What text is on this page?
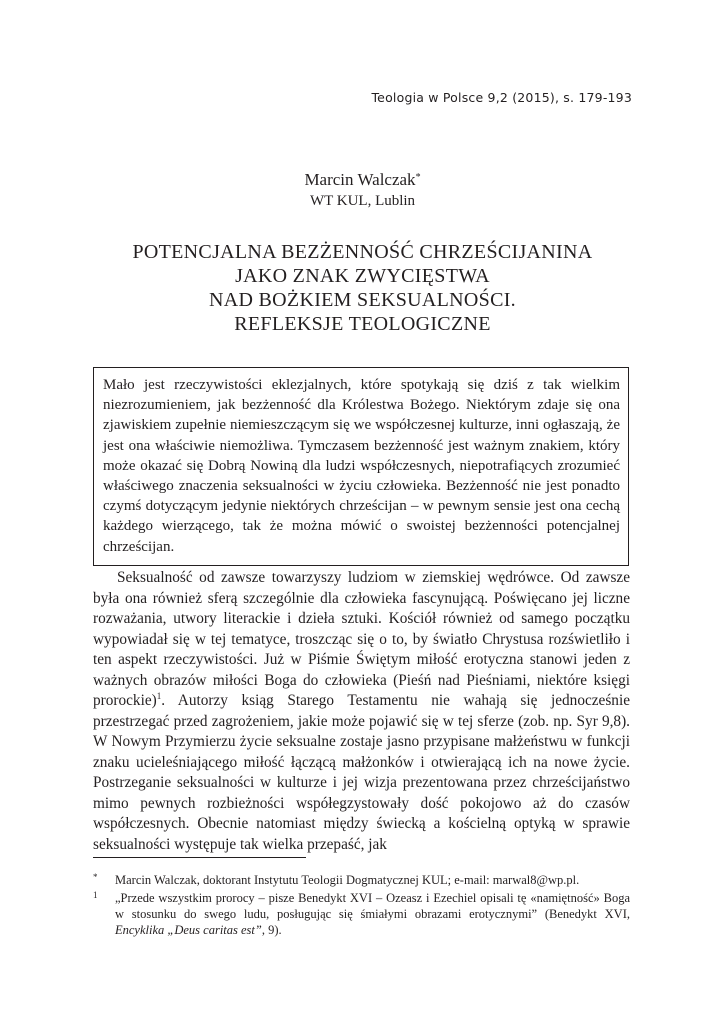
Teologia w Polsce 9,2 (2015), s. 179-193
Marcin Walczak*
WT KUL, Lublin
POTENCJALNA BEZŻENNOŚĆ CHRZEŚCIJANINA
JAKO ZNAK ZWYCIĘSTWA
NAD BOŻKIEM SEKSUALNOŚCI.
REFLEKSJE TEOLOGICZNE
Mało jest rzeczywistości eklezjalnych, które spotykają się dziś z tak wielkim niezrozumieniem, jak bezżenność dla Królestwa Bożego. Niektórym zdaje się ona zjawiskiem zupełnie niemieszczącym się we współczesnej kulturze, inni ogłaszają, że jest ona właściwie niemożliwa. Tymczasem bezżenność jest ważnym znakiem, który może okazać się Dobrą Nowiną dla ludzi współczesnych, niepotrafiących zrozumieć właściwego znaczenia seksualności w życiu człowieka. Bezżenność nie jest ponadto czymś dotyczącym jedynie niektórych chrześcijan – w pewnym sensie jest ona cechą każdego wierzącego, tak że można mówić o swoistej bezżenności potencjalnej chrześcijan.

Seksualność od zawsze towarzyszy ludziom w ziemskiej wędrówce. Od zawsze była ona również sferą szczególnie dla człowieka fascynującą. Poświęcano jej liczne rozważania, utwory literackie i dzieła sztuki. Kościół również od samego początku wypowiadał się w tej tematyce, troszcząc się o to, by światło Chrystusa rozświetliło i ten aspekt rzeczywistości. Już w Piśmie Świętym miłość erotyczna stanowi jeden z ważnych obrazów miłości Boga do człowieka (Pieśń nad Pieśniami, niektóre księgi prorockie)$^1$. Autorzy ksiąg Starego Testamentu nie wahają się jednocześnie przestrzegać przed zagrożeniem, jakie może pojawić się w tej sferze (zob. np. Syr 9,8). W Nowym Przymierzu życie seksualne zostaje jasno przypisane małżeństwu w funkcji znaku ucieleśniającego miłość łączącą małżonków i otwierającą ich na nowe życie. Postrzeganie seksualności w kulturze i jej wizja prezentowana przez chrześcijaństwo mimo pewnych rozbieżności współegzystowały dość pokojowo aż do czasów współczesnych. Obecnie natomiast między świecką a kościelną optyką w sprawie seksualności występuje tak wielka przepaść, jak

* Marcin Walczak, doktorant Instytutu Teologii Dogmatycznej KUL; e-mail: marwal8@wp.pl.
1 „Przede wszystkim prorocy – pisze Benedykt XVI – Ozeasz i Ezechiel opisali tę «namiętność» Boga w stosunku do swego ludu, posługując się śmiałymi obrazami erotycznymi” (Benedykt XVI, Encyklika „Deus caritas est”, 9).
